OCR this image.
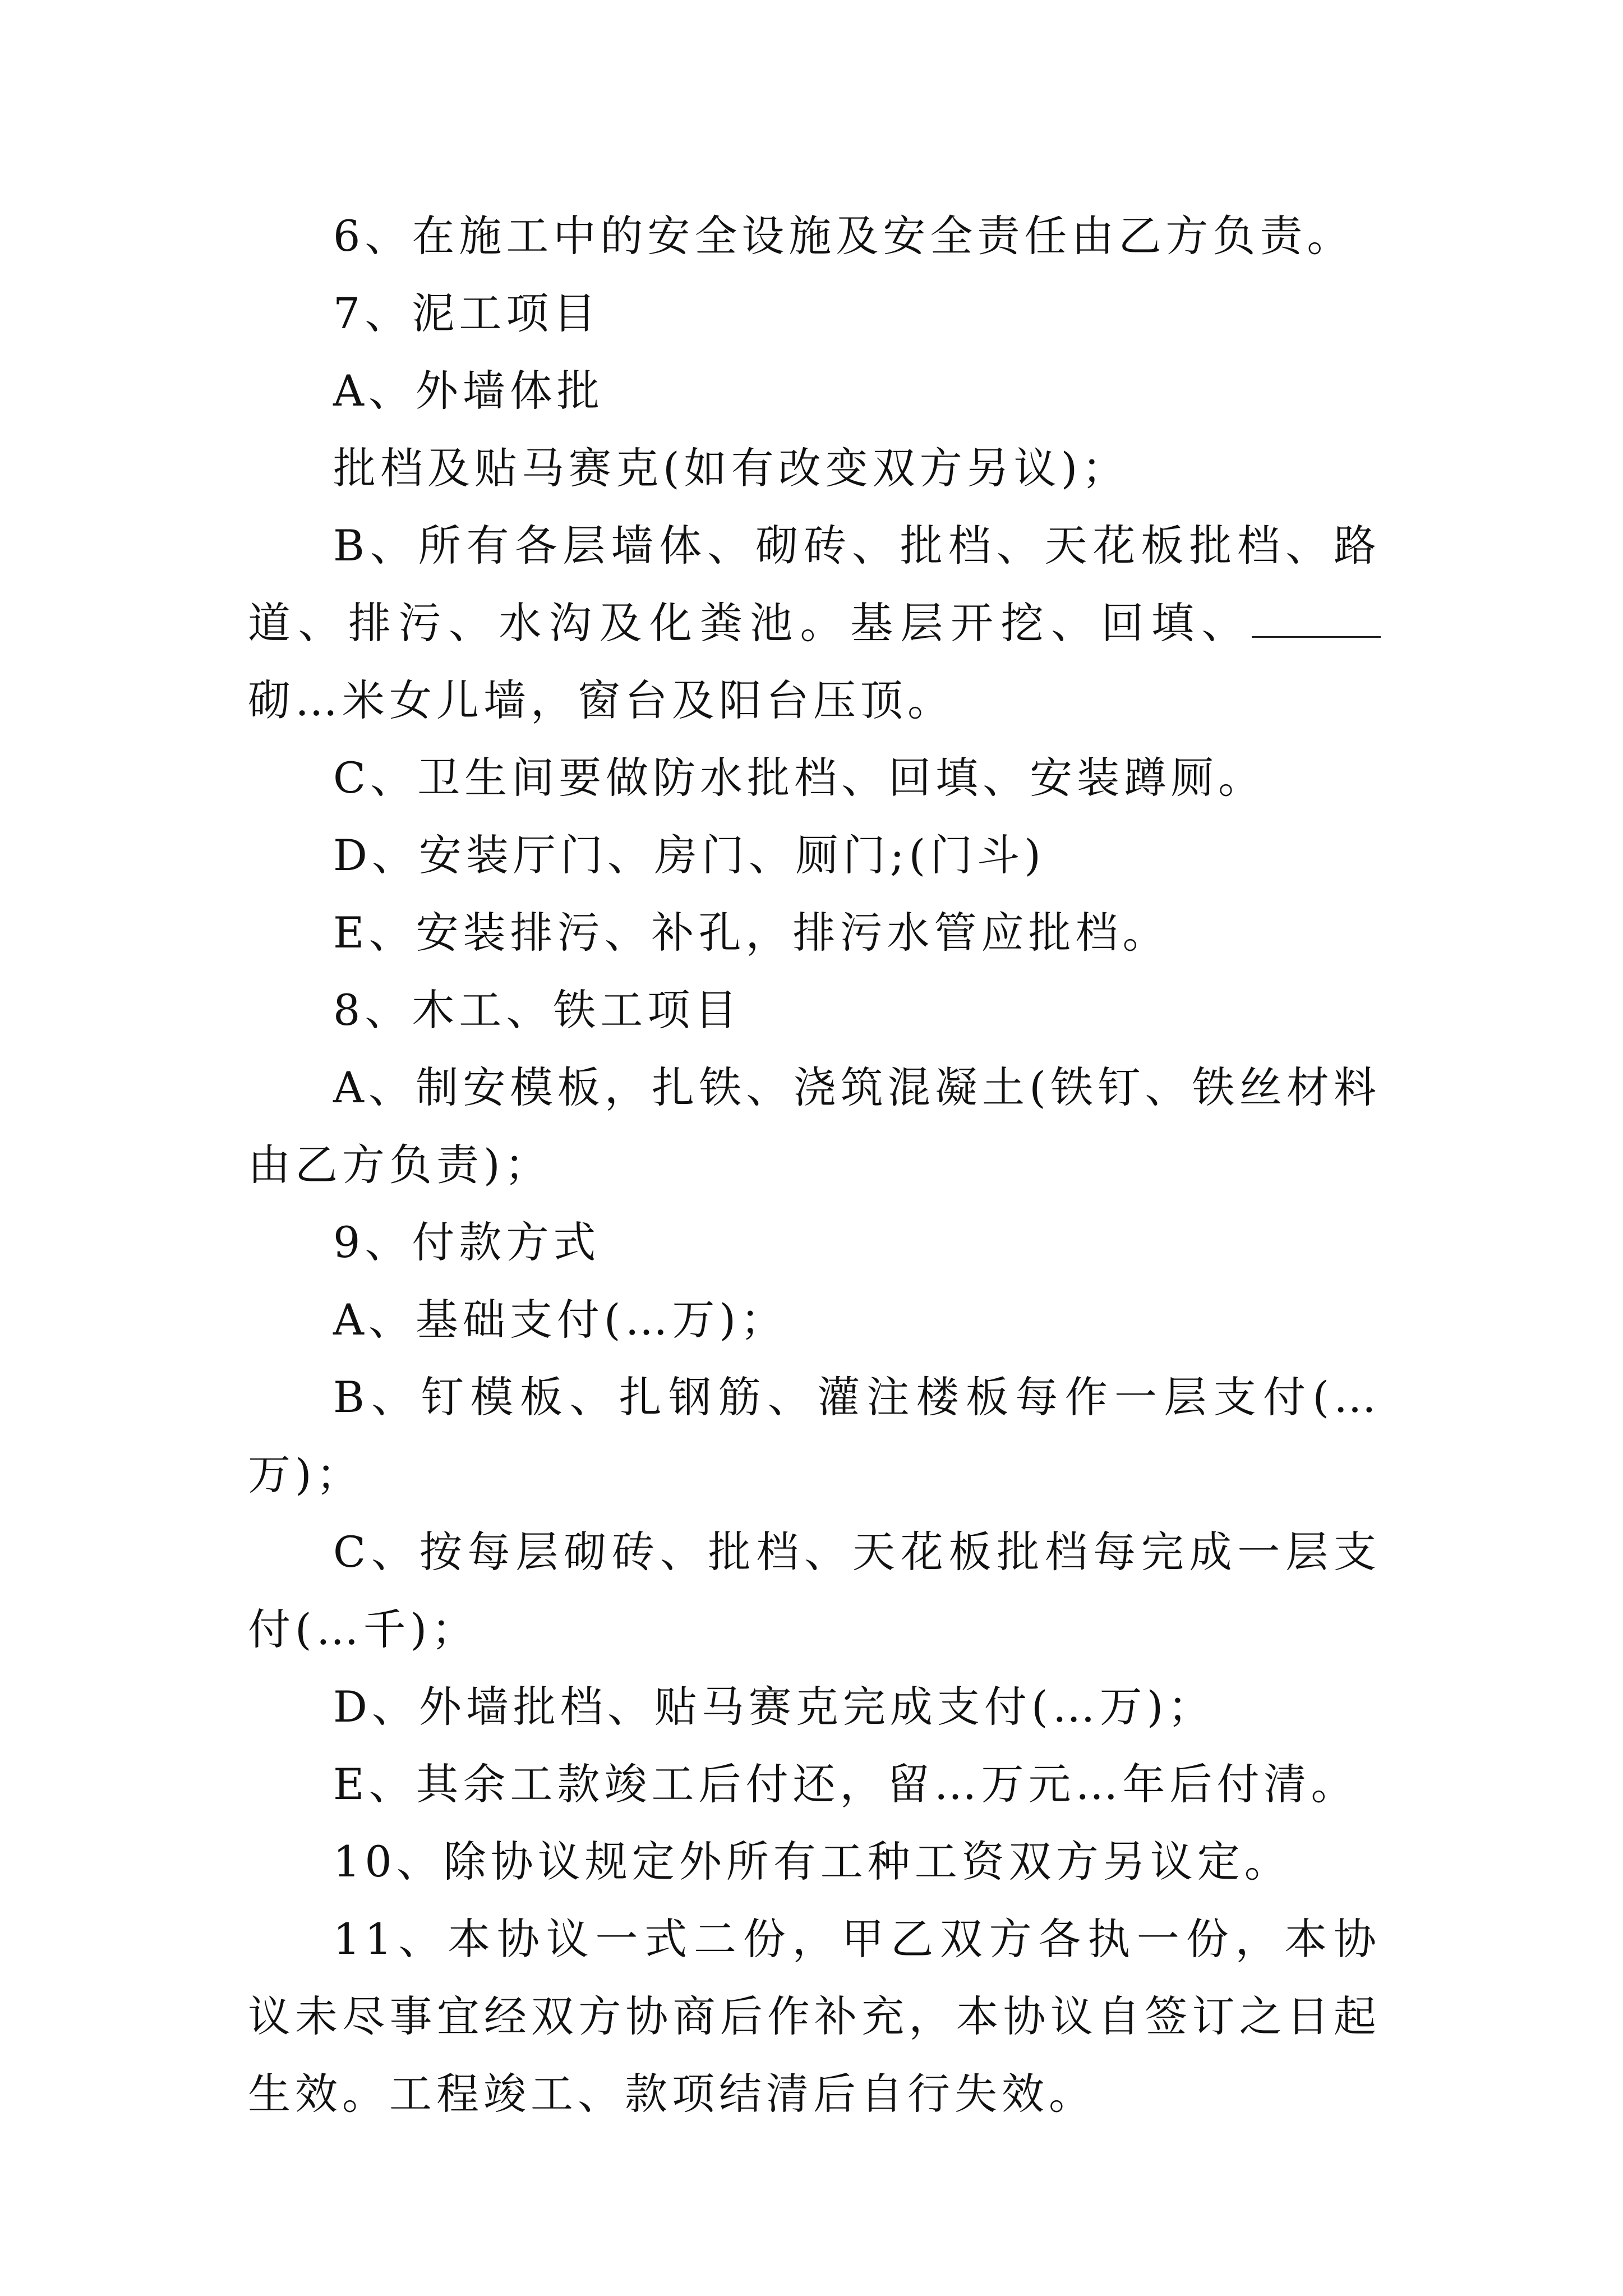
6、在施工中的安全设施及安全责任由乙方负责。

7、泥工项目

A、外墙体批

批档及贴马赛克(如有改变双方另议)；

B、所有各层墙体、砌砖、批档、天花板批档、路道、排污、水沟及化粪池。基层开挖、回填、砌…米女儿墙，窗台及阳台压顶。

C、卫生间要做防水批档、回填、安装蹲厕。

D、安装厅门、房门、厕门;(门斗)

E、安装排污、补孔，排污水管应批档。

8、木工、铁工项目

A、制安模板，扎铁、浇筑混凝土(铁钉、铁丝材料由乙方负责)；

9、付款方式

A、基础支付(…万)；

B、钉模板、扎钢筋、灌注楼板每作一层支付(…万)；

C、按每层砌砖、批档、天花板批档每完成一层支付(…千)；

D、外墙批档、贴马赛克完成支付(…万)；

E、其余工款竣工后付还，留…万元…年后付清。

10、除协议规定外所有工种工资双方另议定。

11、本协议一式二份，甲乙双方各执一份，本协议未尽事宜经双方协商后作补充，本协议自签订之日起生效。工程竣工、款项结清后自行失效。
